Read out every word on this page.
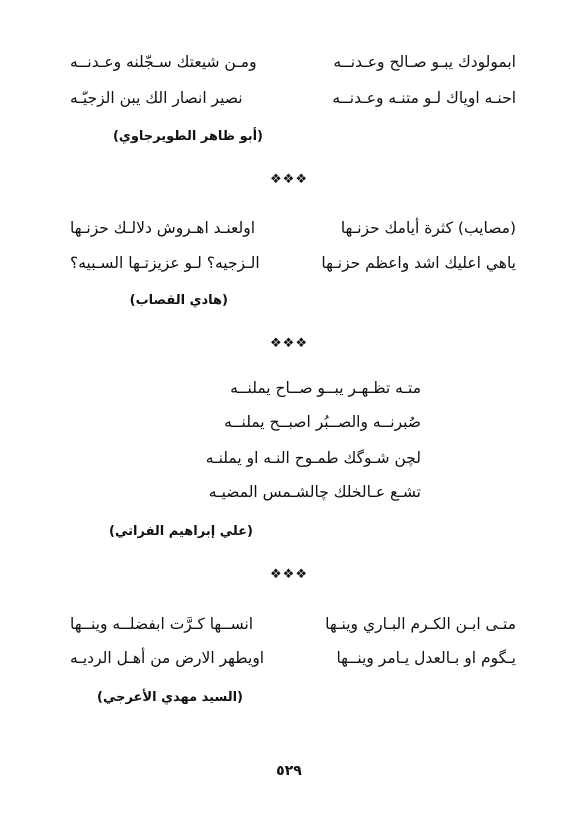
ابمولودك يبـو صـالح وعـدنــه
ومـن شيعتك سـجّلنه وعـدنــه
احنـه اوياك لـو متنـه وعـدنــه
نصير انصار الك يبن الزجيّـه
(أبو ظاهر الطويرجاوي)
❖❖❖
(مصايب) كثرة أيامك حزنـها
اولعنـد اهـروش دلالـك حزنـها
ياهي اعليك اشد واعظم حزنـها
الـزجيه؟ لـو عزيزتـها السـبيه؟
(هادي القصاب)
❖❖❖
متـه تظـهـر يبــو صــاح يملنــه
صُبرنــه والصــبُر اصبــح يملنــه
لچن شـوگك طمـوح النـه او يملنـه
تشـع عـالخلك چالشـمس المضيـه
(علي إبراهيم الفراتي)
❖❖❖
متـى ابـن الكـرم البـاري وينـها
انســها كـرَّت ابفضلــه وينــها
يـگوم او بـالعدل يـامر وينــها
اويطهر الارض من أهـل الرديـه
(السيد مهدي الأعرجي)
٥٢٩
